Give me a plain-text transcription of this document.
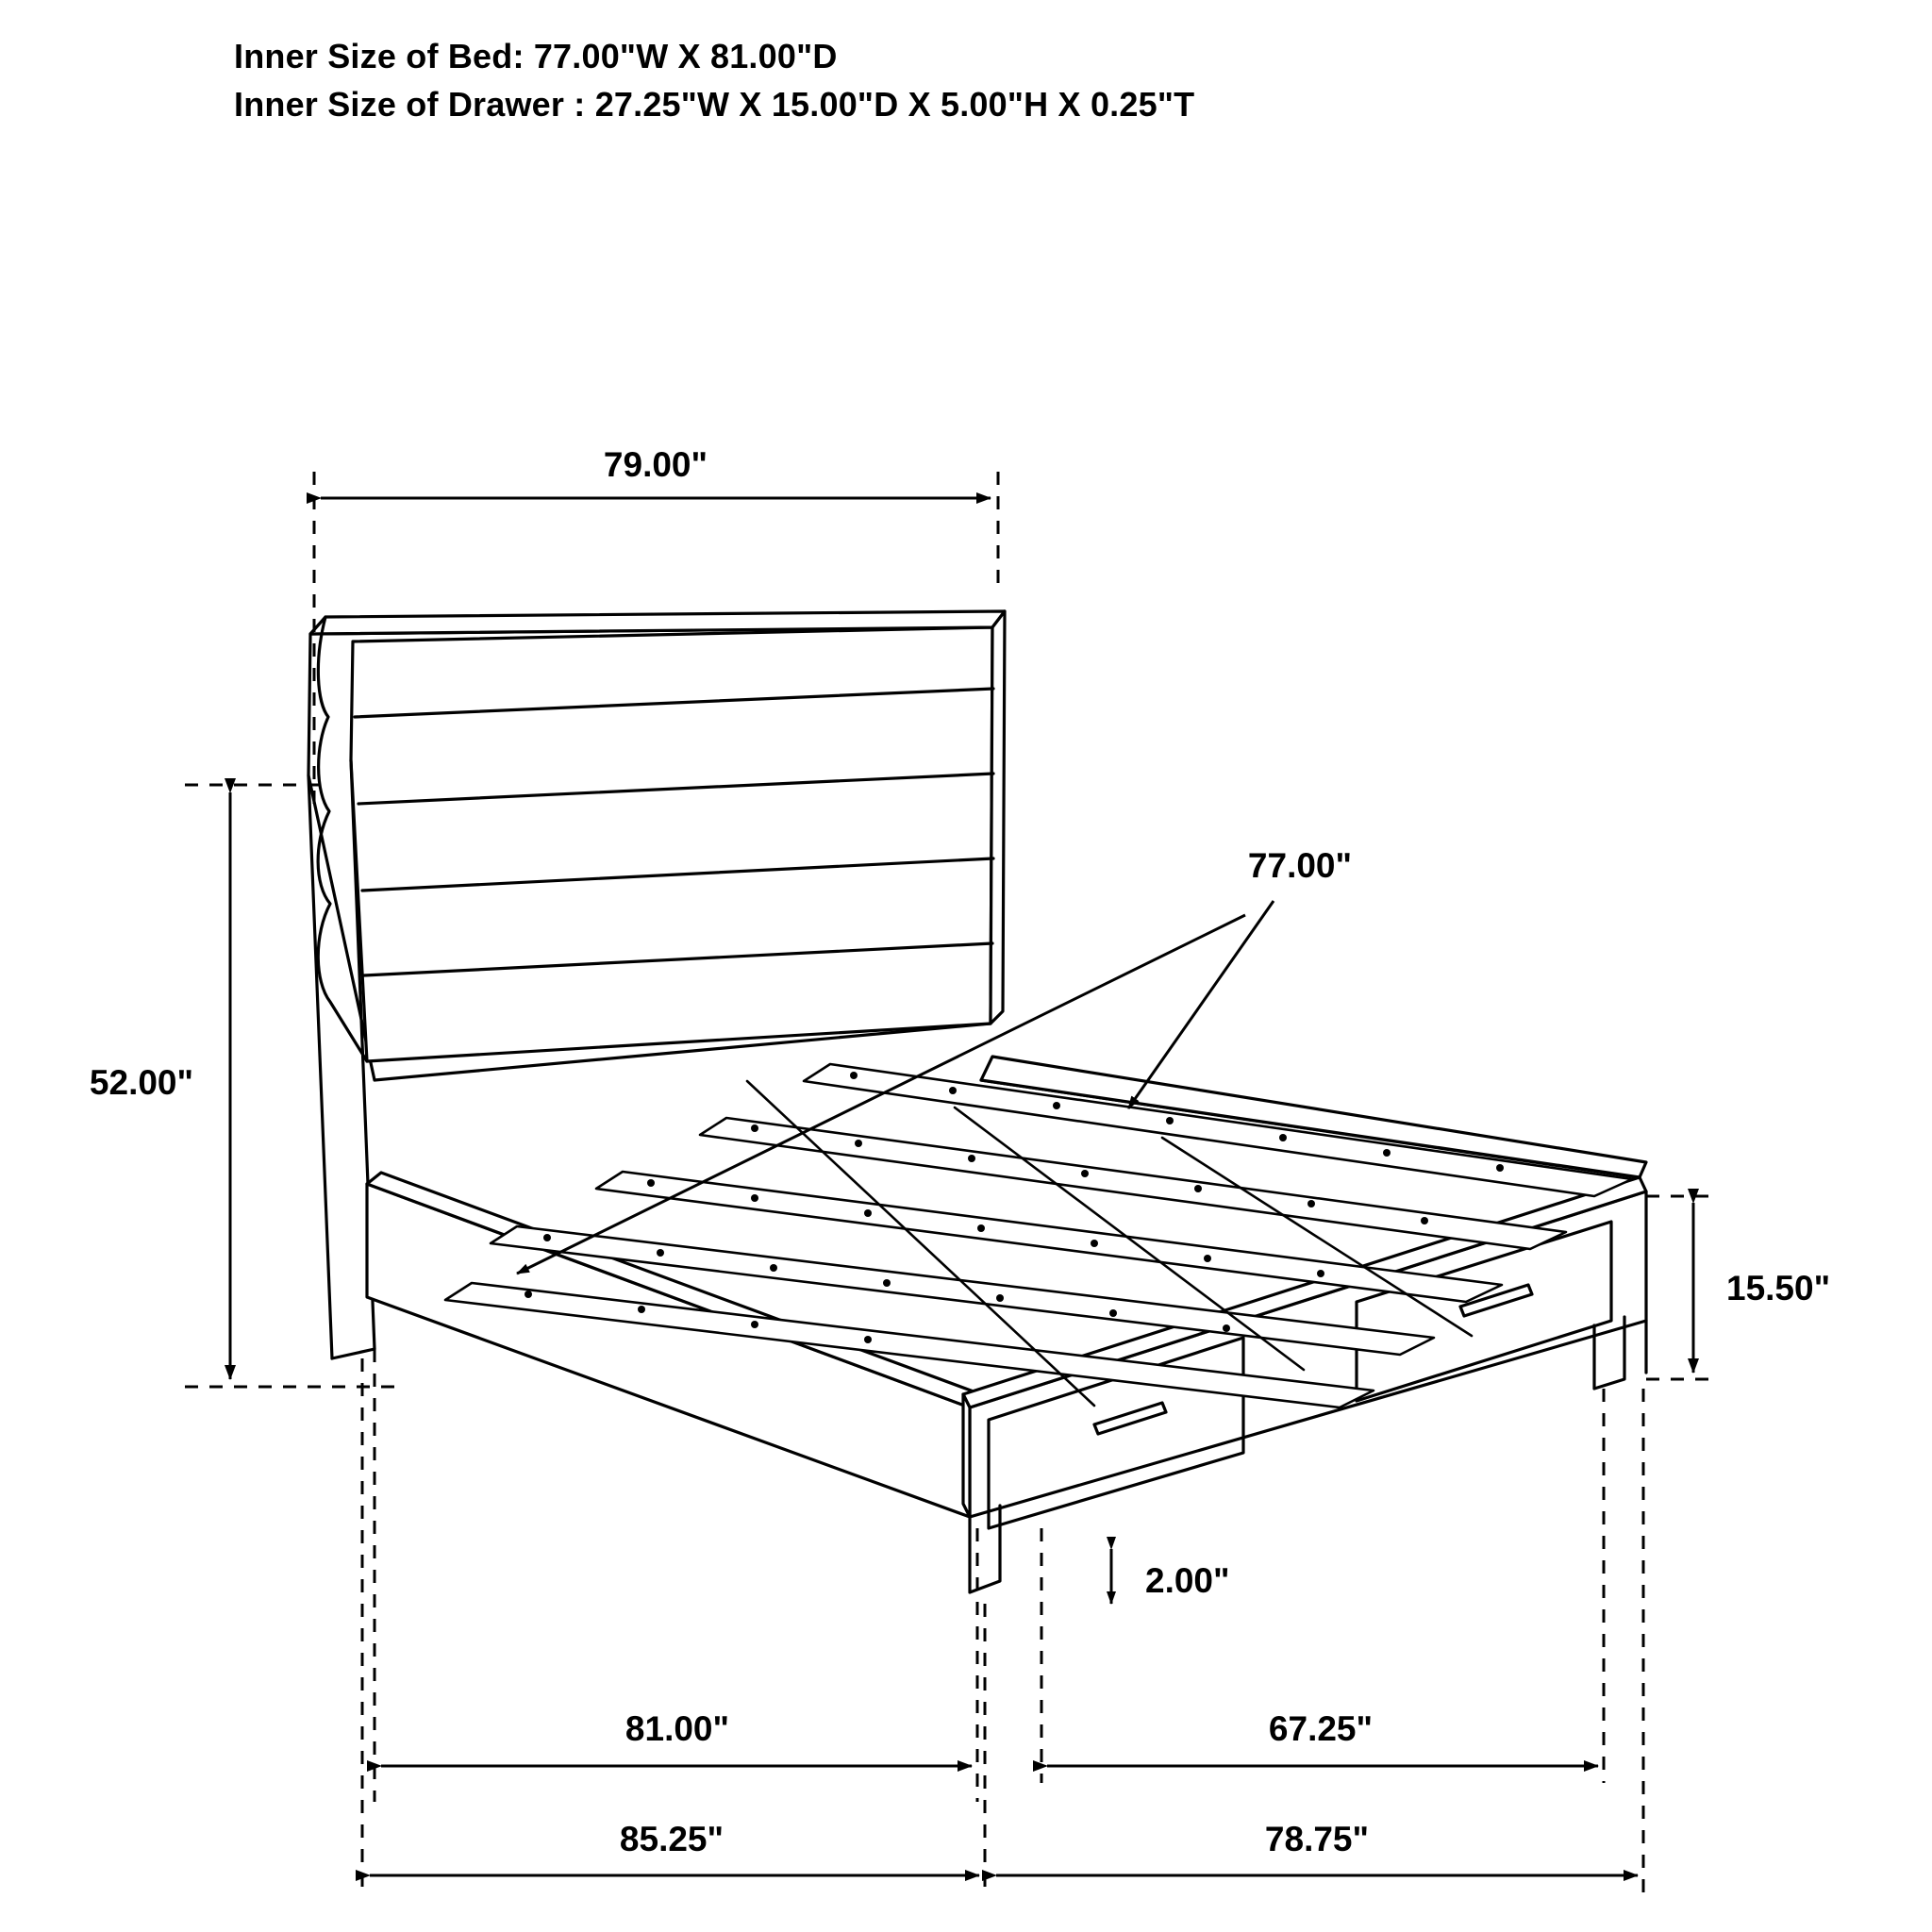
Inner Size of Bed: 77.00"W X 81.00"D
Inner Size of Drawer : 27.25"W X 15.00"D X 5.00"H X 0.25"T
79.00"
52.00"
77.00"
15.50"
2.00"
81.00"	67.25"
85.25"	78.75"
